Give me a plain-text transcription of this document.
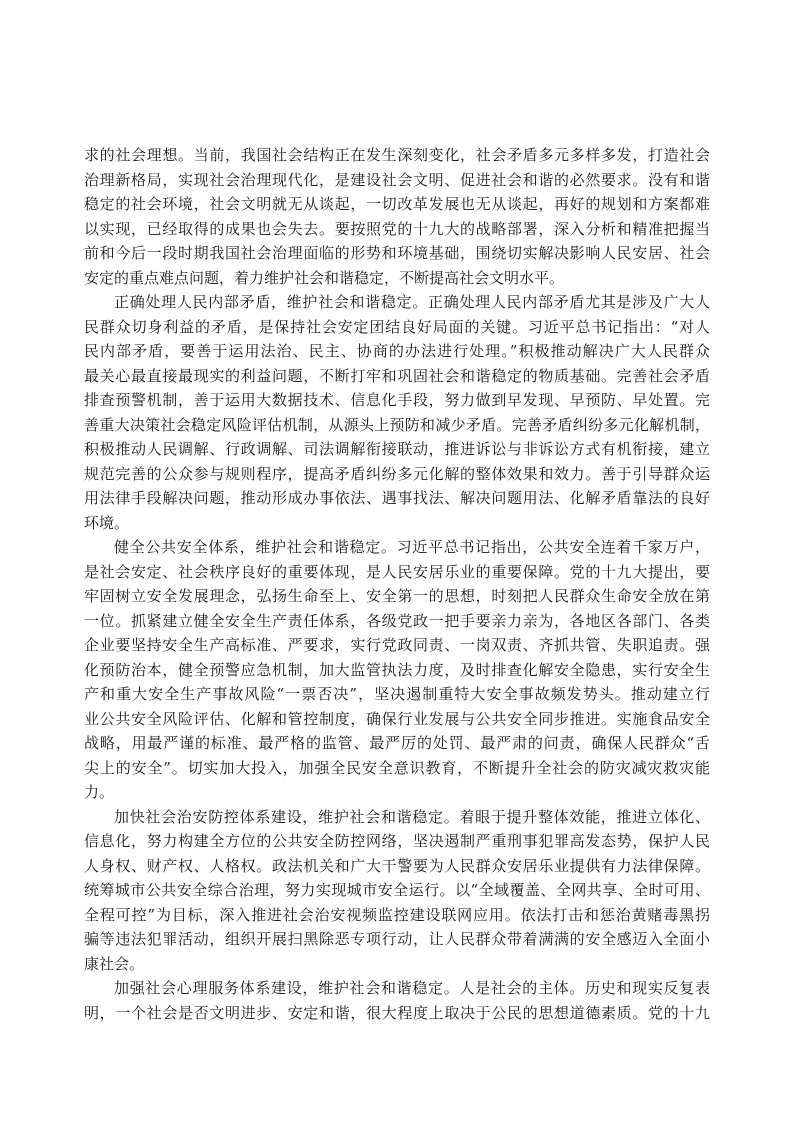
求的社会理想。当前，我国社会结构正在发生深刻变化，社会矛盾多元多样多发，打造社会
治理新格局，实现社会治理现代化，是建设社会文明、促进社会和谐的必然要求。没有和谐
稳定的社会环境，社会文明就无从谈起，一切改革发展也无从谈起，再好的规划和方案都难
以实现，已经取得的成果也会失去。要按照党的十九大的战略部署，深入分析和精准把握当
前和今后一段时期我国社会治理面临的形势和环境基础，围绕切实解决影响人民安居、社会
安定的重点难点问题，着力维护社会和谐稳定，不断提高社会文明水平。
正确处理人民内部矛盾，维护社会和谐稳定。正确处理人民内部矛盾尤其是涉及广大人
民群众切身利益的矛盾，是保持社会安定团结良好局面的关键。习近平总书记指出：“对人
民内部矛盾，要善于运用法治、民主、协商的办法进行处理。”积极推动解决广大人民群众
最关心最直接最现实的利益问题，不断打牢和巩固社会和谐稳定的物质基础。完善社会矛盾
排查预警机制，善于运用大数据技术、信息化手段，努力做到早发现、早预防、早处置。完
善重大决策社会稳定风险评估机制，从源头上预防和减少矛盾。完善矛盾纠纷多元化解机制，
积极推动人民调解、行政调解、司法调解衔接联动，推进诉讼与非诉讼方式有机衔接，建立
规范完善的公众参与规则程序，提高矛盾纠纷多元化解的整体效果和效力。善于引导群众运
用法律手段解决问题，推动形成办事依法、遇事找法、解决问题用法、化解矛盾靠法的良好
环境。
健全公共安全体系，维护社会和谐稳定。习近平总书记指出，公共安全连着千家万户，
是社会安定、社会秩序良好的重要体现，是人民安居乐业的重要保障。党的十九大提出，要
牢固树立安全发展理念，弘扬生命至上、安全第一的思想，时刻把人民群众生命安全放在第
一位。抓紧建立健全安全生产责任体系，各级党政一把手要亲力亲为，各地区各部门、各类
企业要坚持安全生产高标准、严要求，实行党政同责、一岗双责、齐抓共管、失职追责。强
化预防治本，健全预警应急机制，加大监管执法力度，及时排查化解安全隐患，实行安全生
产和重大安全生产事故风险“一票否决”，坚决遏制重特大安全事故频发势头。推动建立行
业公共安全风险评估、化解和管控制度，确保行业发展与公共安全同步推进。实施食品安全
战略，用最严谨的标准、最严格的监管、最严厉的处罚、最严肃的问责，确保人民群众“舌
尖上的安全”。切实加大投入，加强全民安全意识教育，不断提升全社会的防灾减灾救灾能
力。
加快社会治安防控体系建设，维护社会和谐稳定。着眼于提升整体效能，推进立体化、
信息化，努力构建全方位的公共安全防控网络，坚决遏制严重刑事犯罪高发态势，保护人民
人身权、财产权、人格权。政法机关和广大干警要为人民群众安居乐业提供有力法律保障。
统筹城市公共安全综合治理，努力实现城市安全运行。以“全域覆盖、全网共享、全时可用、
全程可控”为目标，深入推进社会治安视频监控建设联网应用。依法打击和惩治黄赌毒黑拐
骗等违法犯罪活动，组织开展扫黑除恶专项行动，让人民群众带着满满的安全感迈入全面小
康社会。
加强社会心理服务体系建设，维护社会和谐稳定。人是社会的主体。历史和现实反复表
明，一个社会是否文明进步、安定和谐，很大程度上取决于公民的思想道德素质。党的十九
